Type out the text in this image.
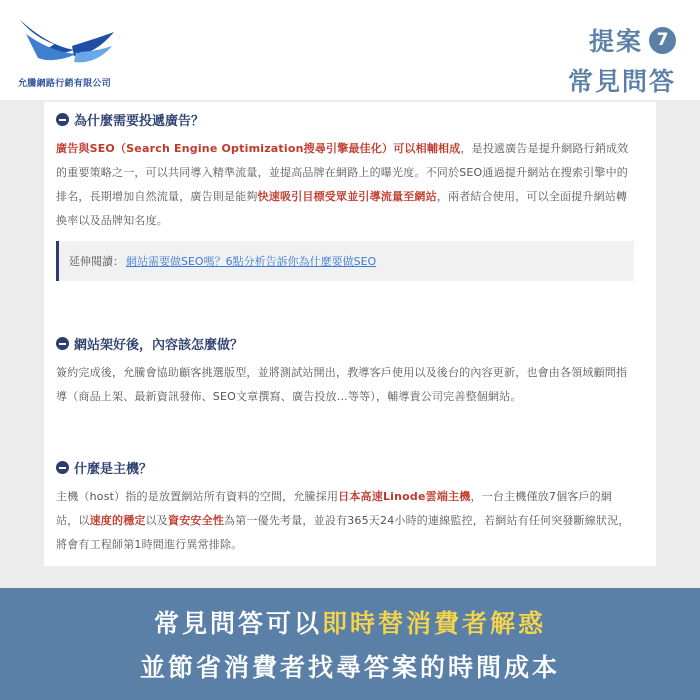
允騰網路行銷有限公司
提案 7
常見問答
為什麼需要投遞廣告？
廣告與SEO（Search Engine Optimization搜尋引擎最佳化）可以相輔相成，是投遞廣告是提升網路行銷成效的重要策略之一，可以共同導入精準流量，並提高品牌在網路上的曝光度。不同於SEO通過提升網站在搜索引擎中的排名，長期增加自然流量，廣告則是能夠快速吸引目標受眾並引導流量至網站，兩者結合使用，可以全面提升網站轉換率以及品牌知名度。
延伸閱讀： 網站需要做SEO嗎？6點分析告訴你為什麼要做SEO
網站架好後，內容該怎麼做？
簽約完成後，允騰會協助顧客挑選版型，並將測試站開出，教導客戶使用以及後台的內容更新，也會由各領域顧問指導（商品上架、最新資訊發佈、SEO文章撰寫、廣告投放...等等），輔導貴公司完善整個網站。
什麼是主機？
主機（host）指的是放置網站所有資料的空間，允騰採用日本高速Linode雲端主機，一台主機僅放7個客戶的網站，以速度的穩定以及資安安全性為第一優先考量，並設有365天24小時的連線監控，若網站有任何突發斷線狀況，將會有工程師第1時間進行異常排除。
常見問答可以即時替消費者解惑
並節省消費者找尋答案的時間成本
